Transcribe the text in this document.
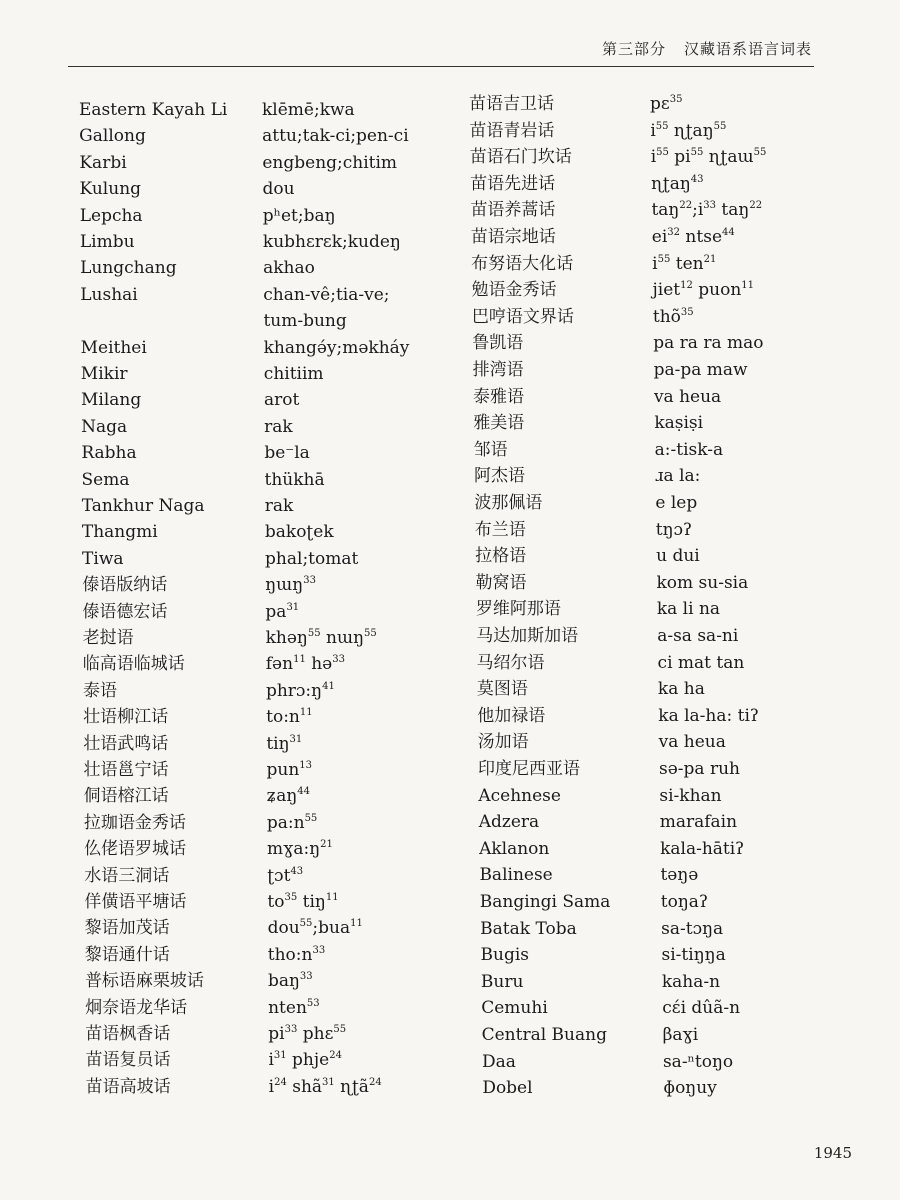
第三部分 汉藏语系语言词表
Eastern Kayah Li
Gallong
Karbi
Kulung
Lepcha
Limbu
Lungchang
Lushai
Meithei
Mikir
Milang
Naga
Rabha
Sema
Tankhur Naga
Thangmi
Tiwa
傣语版纳话
傣语德宏话
老挝语
临高语临城话
泰语
壮语柳江话
壮语武鸣话
壮语邕宁话
侗语榕江话
拉珈语金秀话
仫佬语罗城话
水语三洞话
佯僙语平塘话
黎语加茂话
黎语通什话
普标语麻栗坡话
炯奈语龙华话
苗语枫香话
苗语复员话
苗语高坡话
klēmē;kwa
attu;tak-ci;pen-ci
engbeng;chitim
dou
pʰet;baŋ
kubhɛrɛk;kudeŋ
akhao
chan-vê;tia-ve;
tum-bung
khangə́y;məkháy
chitiim
arot
rak
be⁻la
thükhā
rak
bakoʈek
phal;tomat
ŋɯŋ$^{33}$
$pa^{31}$
khəŋ$^{55}$ nɯŋ$^{55}$
fən$^{11}$ hə$^{33}$
$phrɔ:ŋ^{41}$
$to:n^{11}$
tiŋ$^{31}$
pun$^{13}$
ʑaŋ$^{44}$
$pa:n^{55}$
$mɣa:ŋ^{21}$
ʈɔt$^{43}$
$to^{35}$ tiŋ$^{11}$
dou$^{55}$;bua$^{11}$
$tho:n^{33}$
baŋ$^{33}$
nten$^{53}$
$pi^{33}$ phɛ$^{55}$
$i^{31}$ phje$^{24}$
$i^{24}$ shã$^{31}$ ɳʈã$^{24}$
苗语吉卫话
苗语青岩话
苗语石门坎话
苗语先进话
苗语养蒿话
苗语宗地话
布努语大化话
勉语金秀话
巴哼语文界话
鲁凯语
排湾语
泰雅语
雅美语
邹语
阿杰语
波那佩语
布兰语
拉格语
勒窝语
罗维阿那语
马达加斯加语
马绍尔语
莫图语
他加禄语
汤加语
印度尼西亚语
Acehnese
Adzera
Aklanon
Balinese
Bangingi Sama
Batak Toba
Bugis
Buru
Cemuhi
Central Buang
Daa
Dobel
pɛ$^{35}$
$i^{55}$ ɳʈaŋ$^{55}$
$i^{55}$ $pi^{55}$ ɳʈaɯ$^{55}$
ɳʈaŋ$^{43}$
$taŋ^{22};i^{33}$ taŋ$^{22}$
$ei^{32}$ ntse$^{44}$
$i^{55}$ ten$^{21}$
jiet$^{12}$ puon$^{11}$
thõ$^{35}$
pa ra ra mao
pa-pa maw
va heua
kaṣiṣi
a:-tisk-a
ɹa la:
e lep
tŋɔʔ
u dui
kom su-sia
ka li na
a-sa sa-ni
ci mat tan
ka ha
ka la-ha: tiʔ
va heua
sə-pa ruh
si-khan
marafain
kala-hātiʔ
təŋə
toŋaʔ
sa-tɔŋa
si-tiŋŋa
kaha-n
cɛ́i dûã-n
βaɣi
sa-ⁿtoŋo
ɸoŋuy
1945
